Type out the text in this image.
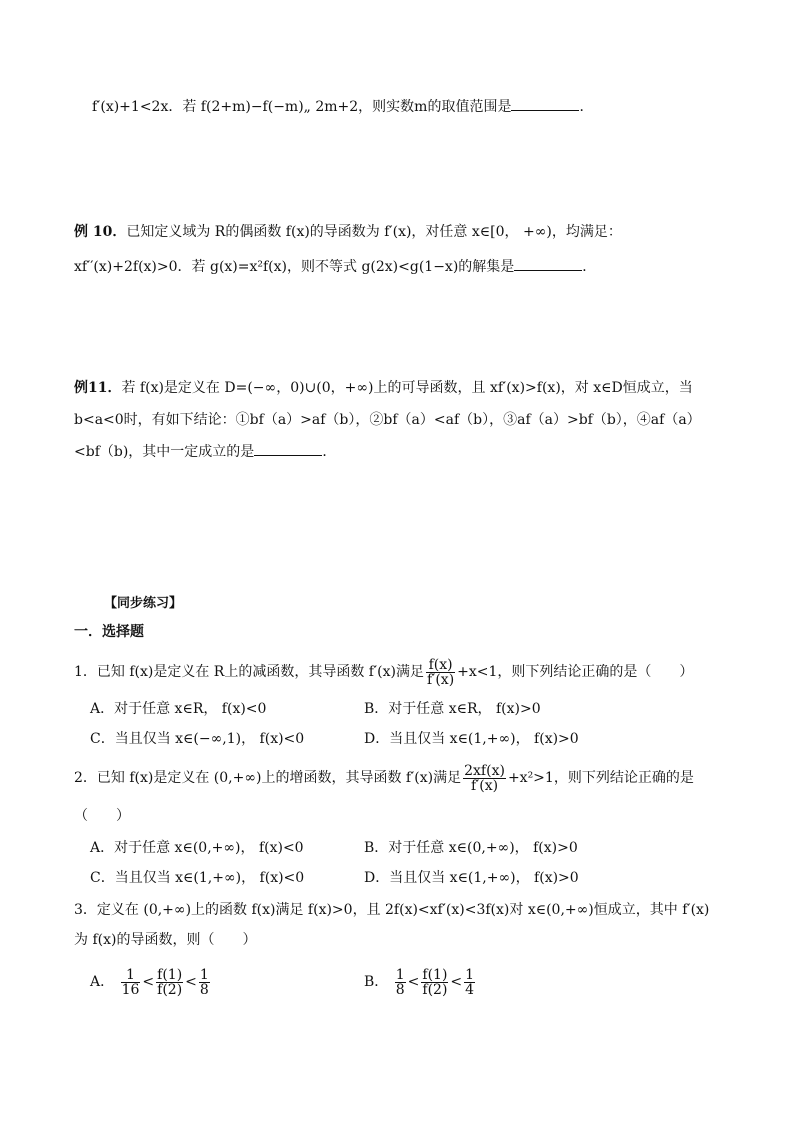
f′(x)+1<2x．若 f(2+m)−f(−m)„ 2m+2，则实数m的取值范围是	．
例 10．已知定义域为 R的偶函数 f(x)的导函数为 f′(x)，对任意 x∈[0， +∞)，均满足：
xf′′(x)+2f(x)>0．若 g(x)=x²f(x)，则不等式 g(2x)<g(1−x)的解集是	．
例11．若 f(x)是定义在 D=(−∞，0)∪(0，+∞)上的可导函数，且 xf′(x)>f(x)，对 x∈D恒成立，当
b<a<0时，有如下结论：①bf（a）>af（b），②bf（a）<af（b），③af（a）>bf（b），④af（a）
<bf（b)，其中一定成立的是	．
【同步练习】
一．选择题
1．已知 f(x)是定义在 R上的减函数，其导函数 f′(x)满足 $\frac{f(x)}{f'(x)} +x<1$，则下列结论正确的是（　　）
A．对于任意 x∈R， f(x)<0	B．对于任意 x∈R， f(x)>0
C．当且仅当 x∈(−∞,1)， f(x)<0	D．当且仅当 x∈(1,+∞)， f(x)>0
2．已知 f(x)是定义在 (0,+∞)上的增函数，其导函数 f′(x)满足 $\frac{2xf(x)}{f'(x)} +x^2>1$，则下列结论正确的是
（　　）
A．对于任意 x∈(0,+∞)， f(x)<0	B．对于任意 x∈(0,+∞)， f(x)>0
C．当且仅当 x∈(1,+∞)， f(x)<0	D．当且仅当 x∈(1,+∞)， f(x)>0
3．定义在 (0,+∞)上的函数 f(x)满足 f(x)>0，且 2f(x)<xf′(x)<3f(x)对 x∈(0,+∞)恒成立，其中 f′(x)
为 f(x)的导函数，则（　　）
A． $\frac{1}{16} < \frac{f(1)}{f(2)} < \frac{1}{8}$	B． $\frac{1}{8} < \frac{f(1)}{f(2)} < \frac{1}{4}$
